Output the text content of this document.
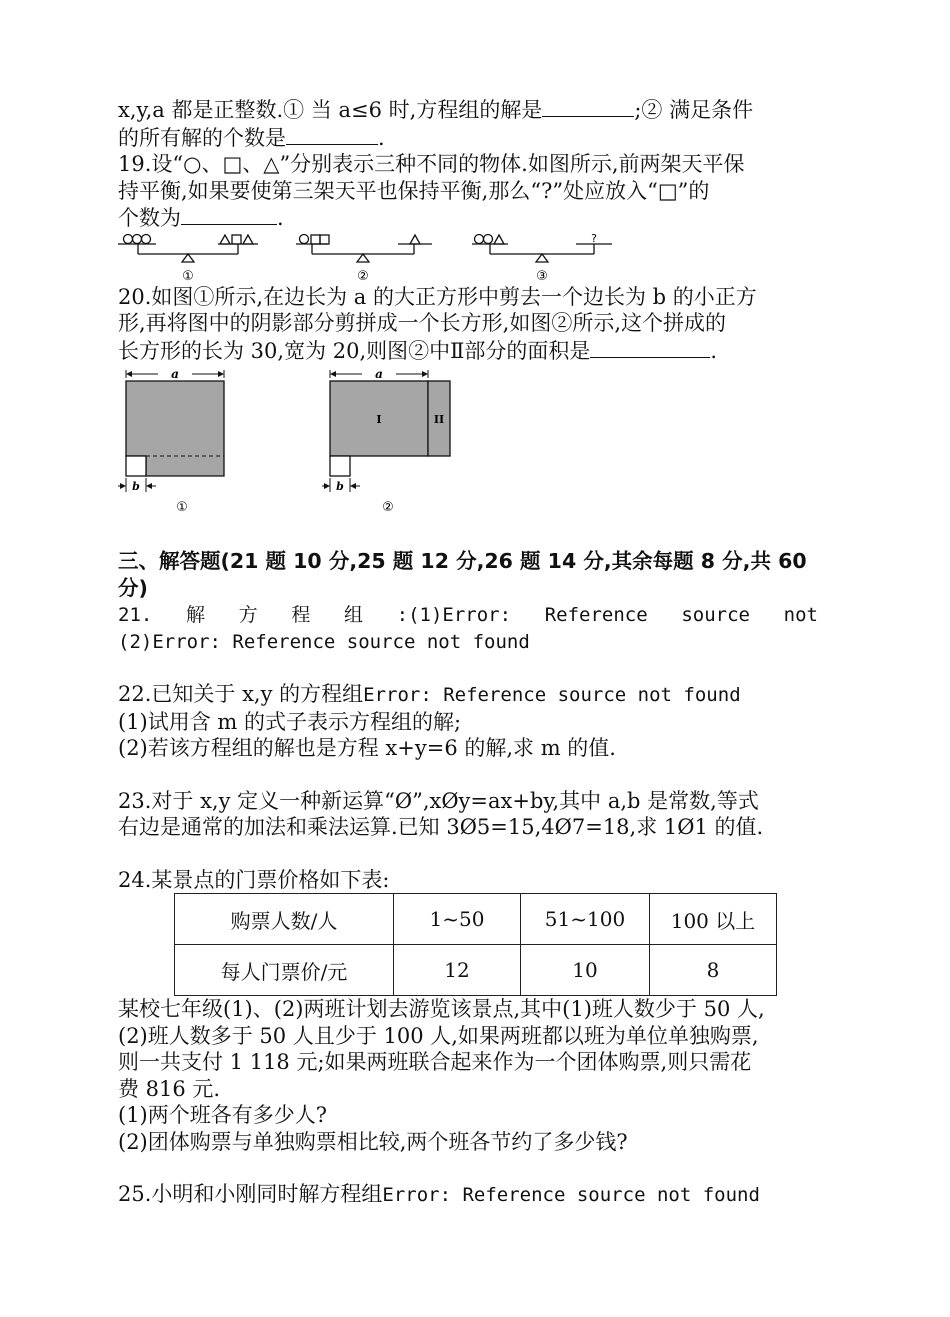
x,y,a 都是正整数.① 当 a≤6 时,方程组的解是	;② 满足条件
的所有解的个数是	.
19.设“○、□、△”分别表示三种不同的物体.如图所示,前两架天平保
持平衡,如果要使第三架天平也保持平衡,那么“?”处应放入“□”的
个数为	.
?
①	②	③
20.如图①所示,在边长为 a 的大正方形中剪去一个边长为 b 的小正方
形,再将图中的阴影部分剪拼成一个长方形,如图②所示,这个拼成的
长方形的长为 30,宽为 20,则图②中Ⅱ部分的面积是	.
a
b
①
a
I	II
b
②
三、解答题(21 题 10 分,25 题 12 分,26 题 14 分,其余每题 8 分,共 60
分)
21. 解 方 程 组 :(1)Error: Reference source not
(2)Error: Reference source not found
22.已知关于 x,y 的方程组Error: Reference source not found
(1)试用含 m 的式子表示方程组的解;
(2)若该方程组的解也是方程 x+y=6 的解,求 m 的值.
23.对于 x,y 定义一种新运算“Ø”,xØy=ax+by,其中 a,b 是常数,等式
右边是通常的加法和乘法运算.已知 3Ø5=15,4Ø7=18,求 1Ø1 的值.
24.某景点的门票价格如下表:
购票人数/人	1~50	51~100	100 以上
每人门票价/元	12	10	8
某校七年级(1)、(2)两班计划去游览该景点,其中(1)班人数少于 50 人,
(2)班人数多于 50 人且少于 100 人,如果两班都以班为单位单独购票,
则一共支付 1 118 元;如果两班联合起来作为一个团体购票,则只需花
费 816 元.
(1)两个班各有多少人?
(2)团体购票与单独购票相比较,两个班各节约了多少钱?
25.小明和小刚同时解方程组Error: Reference source not found
